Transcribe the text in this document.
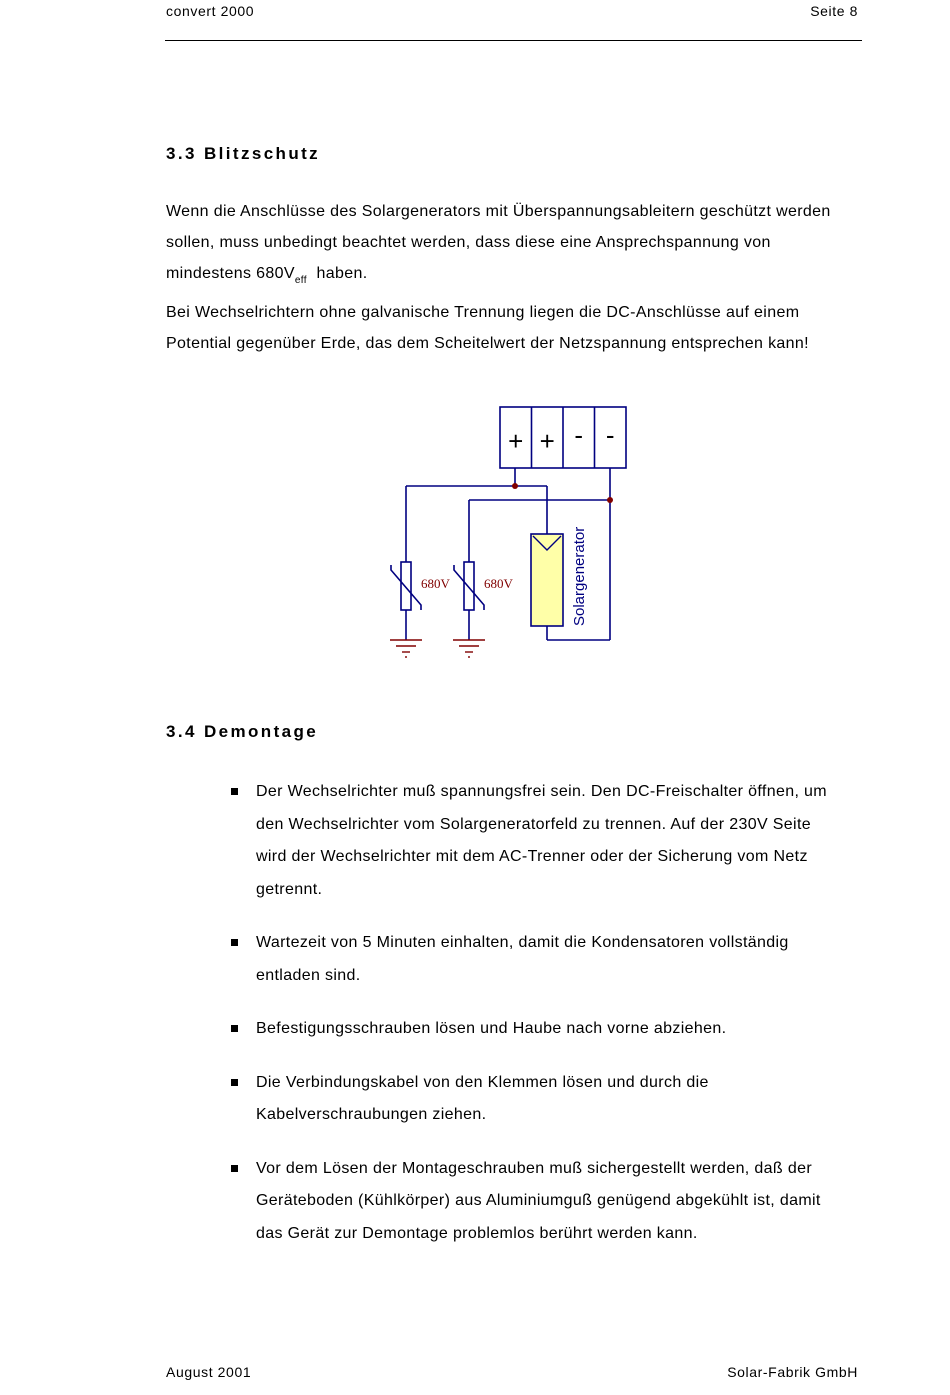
convert 2000	Seite 8
3.3 Blitzschutz

Wenn die Anschlüsse des Solargenerators mit Überspannungsableitern geschützt werden

sollen, muss unbedingt beachtet werden, dass diese eine Ansprechspannung von

mindestens $680V_{eff}$ haben.

Bei Wechselrichtern ohne galvanische Trennung liegen die DC-Anschlüsse auf einem

Potential gegenüber Erde, das dem Scheitelwert der Netzspannung entsprechen kann!

+ + - -
680V	680V	Solargenerator
3.4 Demontage
Der Wechselrichter muß spannungsfrei sein. Den DC-Freischalter öffnen, um
den Wechselrichter vom Solargeneratorfeld zu trennen. Auf der 230V Seite
wird der Wechselrichter mit dem AC-Trenner oder der Sicherung vom Netz
getrennt.
Wartezeit von 5 Minuten einhalten, damit die Kondensatoren vollständig
entladen sind.
Befestigungsschrauben lösen und Haube nach vorne abziehen.
Die Verbindungskabel von den Klemmen lösen und durch die
Kabelverschraubungen ziehen.
Vor dem Lösen der Montageschrauben muß sichergestellt werden, daß der
Geräteboden (Kühlkörper) aus Aluminiumguß genügend abgekühlt ist, damit
das Gerät zur Demontage problemlos berührt werden kann.
August 2001	Solar-Fabrik GmbH
